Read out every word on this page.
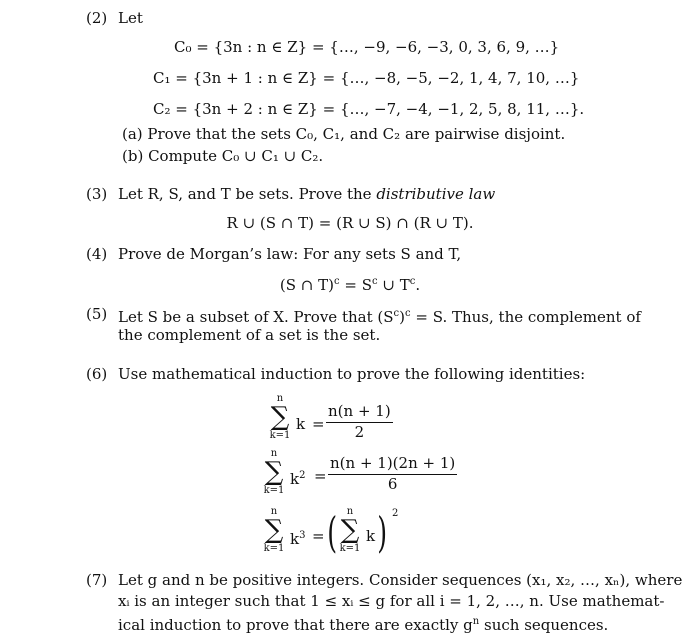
(2) Let
C₀ = {3n : n ∈ Z} = {…, −9, −6, −3, 0, 3, 6, 9, …}
C₁ = {3n + 1 : n ∈ Z} = {…, −8, −5, −2, 1, 4, 7, 10, …}
C₂ = {3n + 2 : n ∈ Z} = {…, −7, −4, −1, 2, 5, 8, 11, …}.
(a) Prove that the sets C₀, C₁, and C₂ are pairwise disjoint.
(b) Compute C₀ ∪ C₁ ∪ C₂.
(3) Let R, S, and T be sets. Prove the distributive law
R ∪ (S ∩ T) = (R ∪ S) ∩ (R ∪ T).
(4) Prove de Morgan’s law: For any sets S and T,
(S ∩ $T)^c = S^c$ ∪ $T^c$.
(5) Let S be a subset of X. Prove that $(S^c)^c = S$. Thus, the complement of
the complement of a set is the set.
(6) Use mathematical induction to prove the following identities:
n
∑
k=1
$k = \frac{n(n + 1)}{2}$
n
∑
k=1
$k^2 = \frac{n(n + 1)(2n + 1)}{6}$
n
∑
k=1
$k^3$ = ( n
∑
k=1
k ) 2
(7) Let g and n be positive integers. Consider sequences (x₁, x₂, …, xₙ), where
xᵢ is an integer such that 1 ≤ xᵢ ≤ g for all i = 1, 2, …, n. Use mathemat-
ical induction to prove that there are exactly $g^n$ such sequences.
